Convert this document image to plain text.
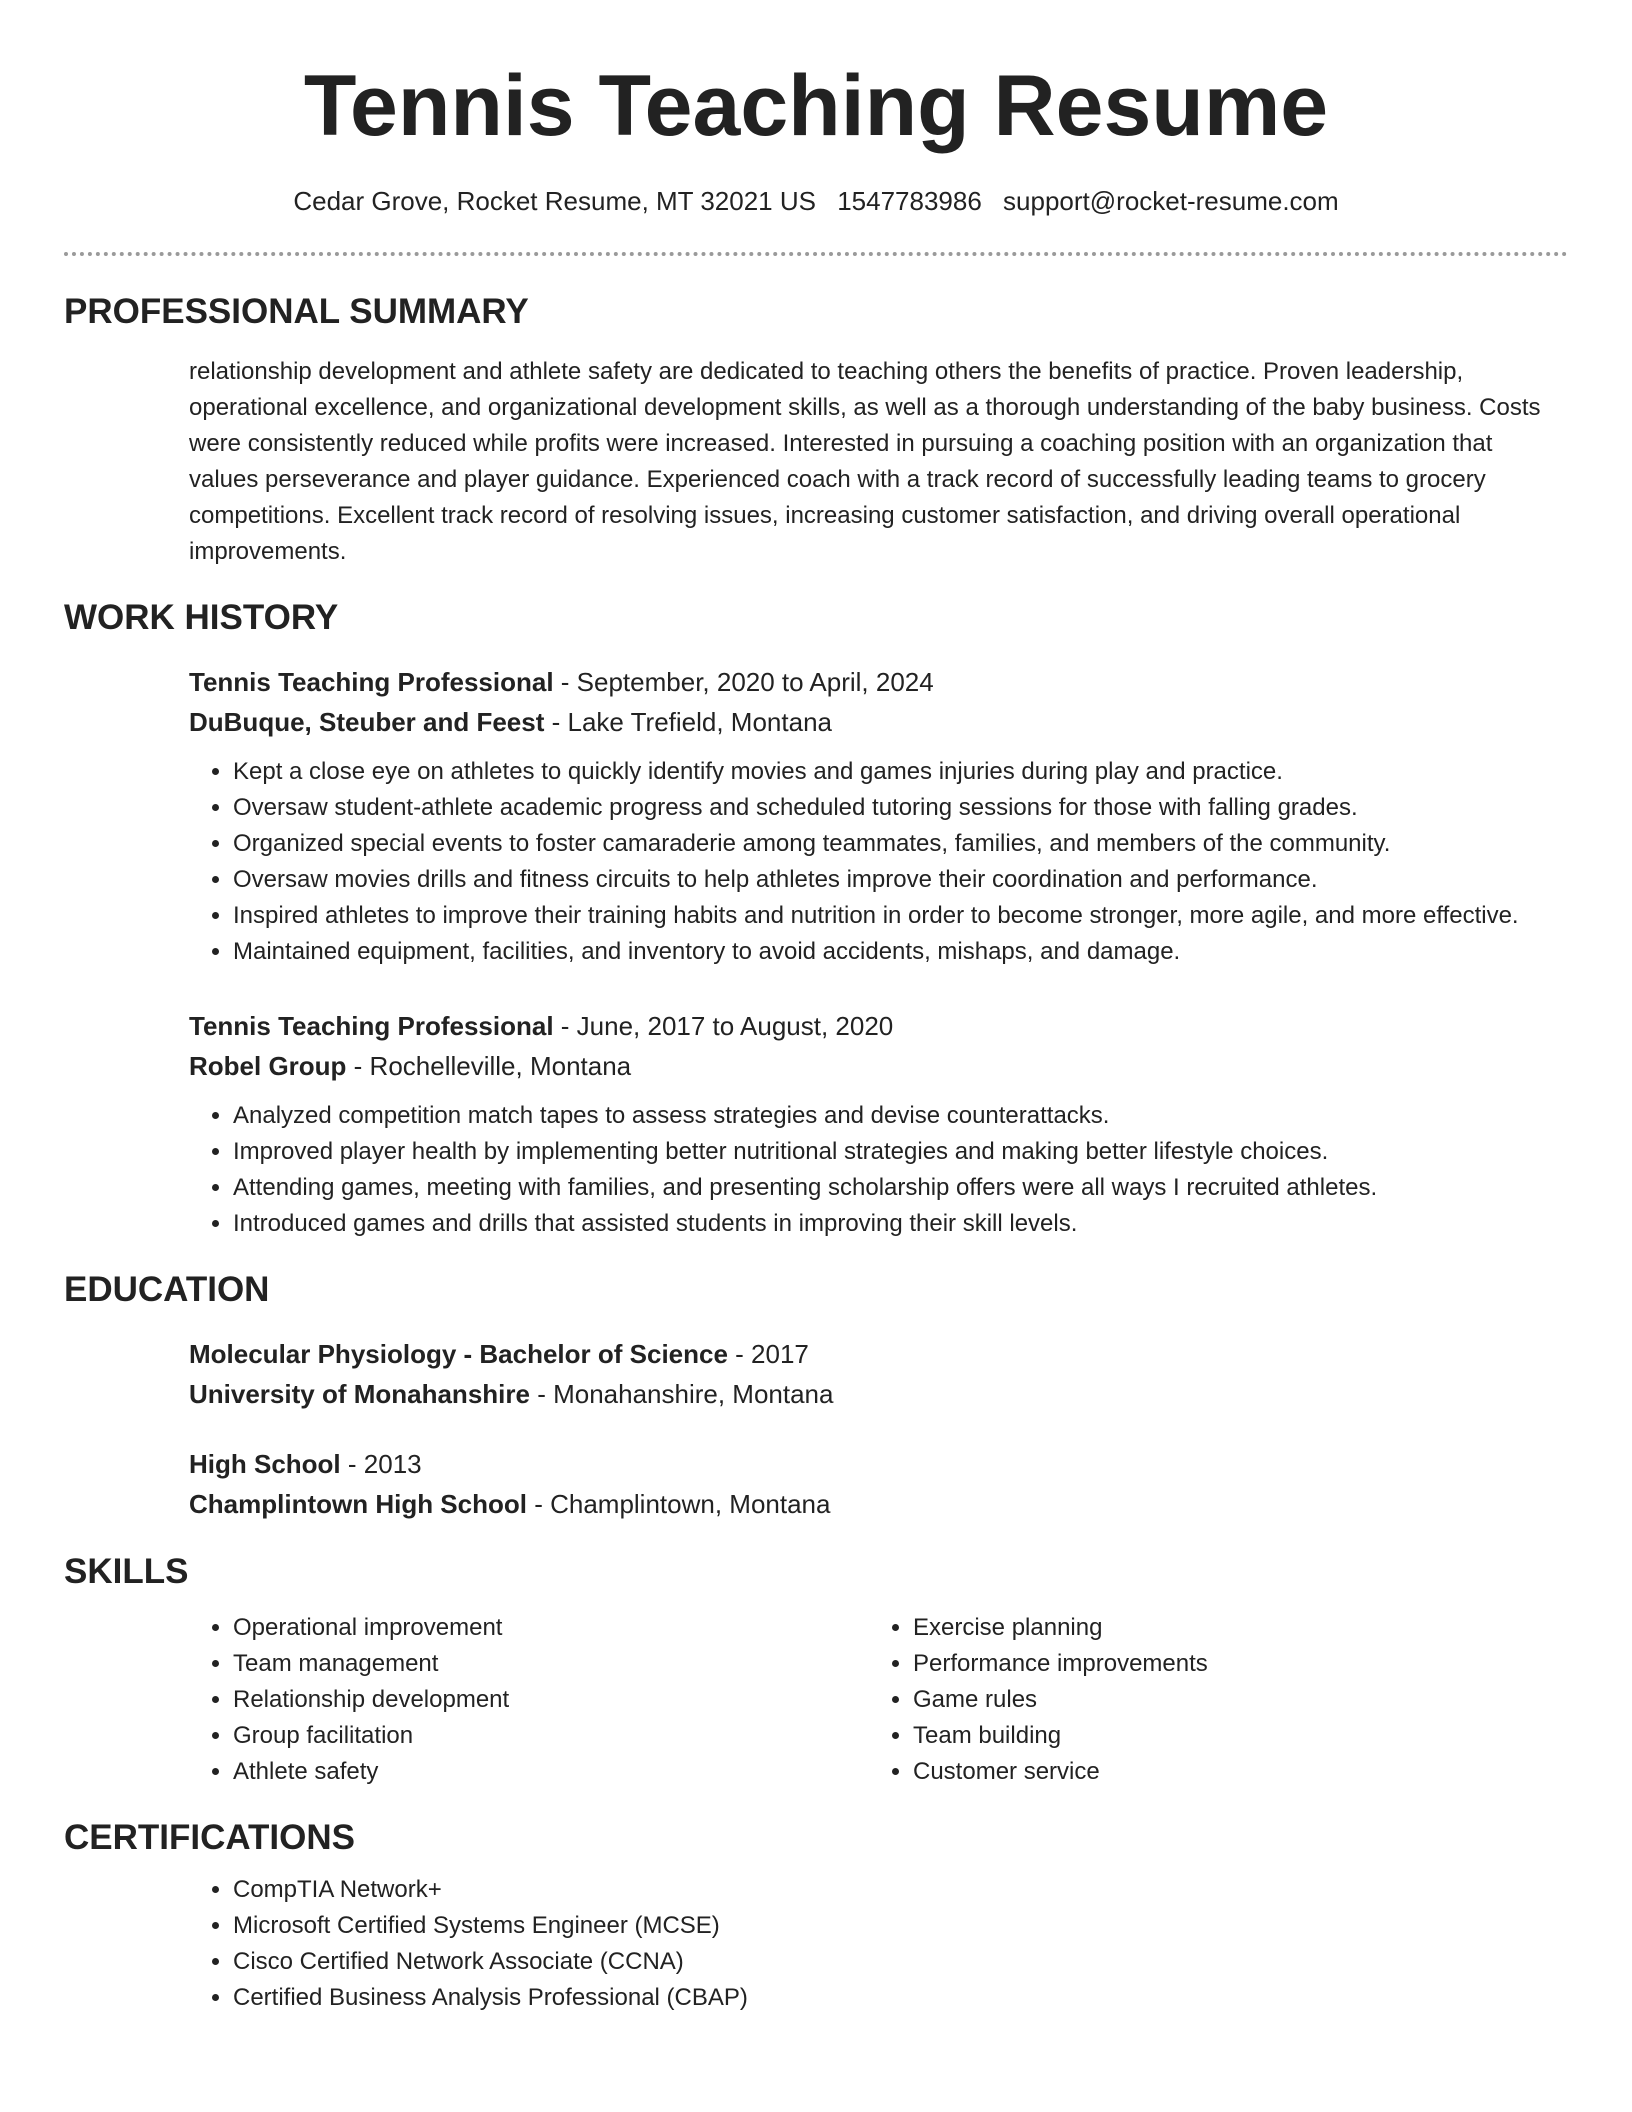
Tennis Teaching Resume
Cedar Grove, Rocket Resume, MT 32021 US 1547783986 support@rocket-resume.com
PROFESSIONAL SUMMARY
relationship development and athlete safety are dedicated to teaching others the benefits of practice. Proven leadership, operational excellence, and organizational development skills, as well as a thorough understanding of the baby business. Costs were consistently reduced while profits were increased. Interested in pursuing a coaching position with an organization that values perseverance and player guidance. Experienced coach with a track record of successfully leading teams to grocery competitions. Excellent track record of resolving issues, increasing customer satisfaction, and driving overall operational improvements.
WORK HISTORY
Tennis Teaching Professional - September, 2020 to April, 2024
DuBuque, Steuber and Feest - Lake Trefield, Montana
• Kept a close eye on athletes to quickly identify movies and games injuries during play and practice.
• Oversaw student-athlete academic progress and scheduled tutoring sessions for those with falling grades.
• Organized special events to foster camaraderie among teammates, families, and members of the community.
• Oversaw movies drills and fitness circuits to help athletes improve their coordination and performance.
• Inspired athletes to improve their training habits and nutrition in order to become stronger, more agile, and more effective.
• Maintained equipment, facilities, and inventory to avoid accidents, mishaps, and damage.
Tennis Teaching Professional - June, 2017 to August, 2020
Robel Group - Rochelleville, Montana
• Analyzed competition match tapes to assess strategies and devise counterattacks.
• Improved player health by implementing better nutritional strategies and making better lifestyle choices.
• Attending games, meeting with families, and presenting scholarship offers were all ways I recruited athletes.
• Introduced games and drills that assisted students in improving their skill levels.
EDUCATION
Molecular Physiology - Bachelor of Science - 2017
University of Monahanshire - Monahanshire, Montana
High School - 2013
Champlintown High School - Champlintown, Montana
SKILLS
• Operational improvement
• Team management
• Relationship development
• Group facilitation
• Athlete safety
• Exercise planning
• Performance improvements
• Game rules
• Team building
• Customer service
CERTIFICATIONS
• CompTIA Network+
• Microsoft Certified Systems Engineer (MCSE)
• Cisco Certified Network Associate (CCNA)
• Certified Business Analysis Professional (CBAP)
